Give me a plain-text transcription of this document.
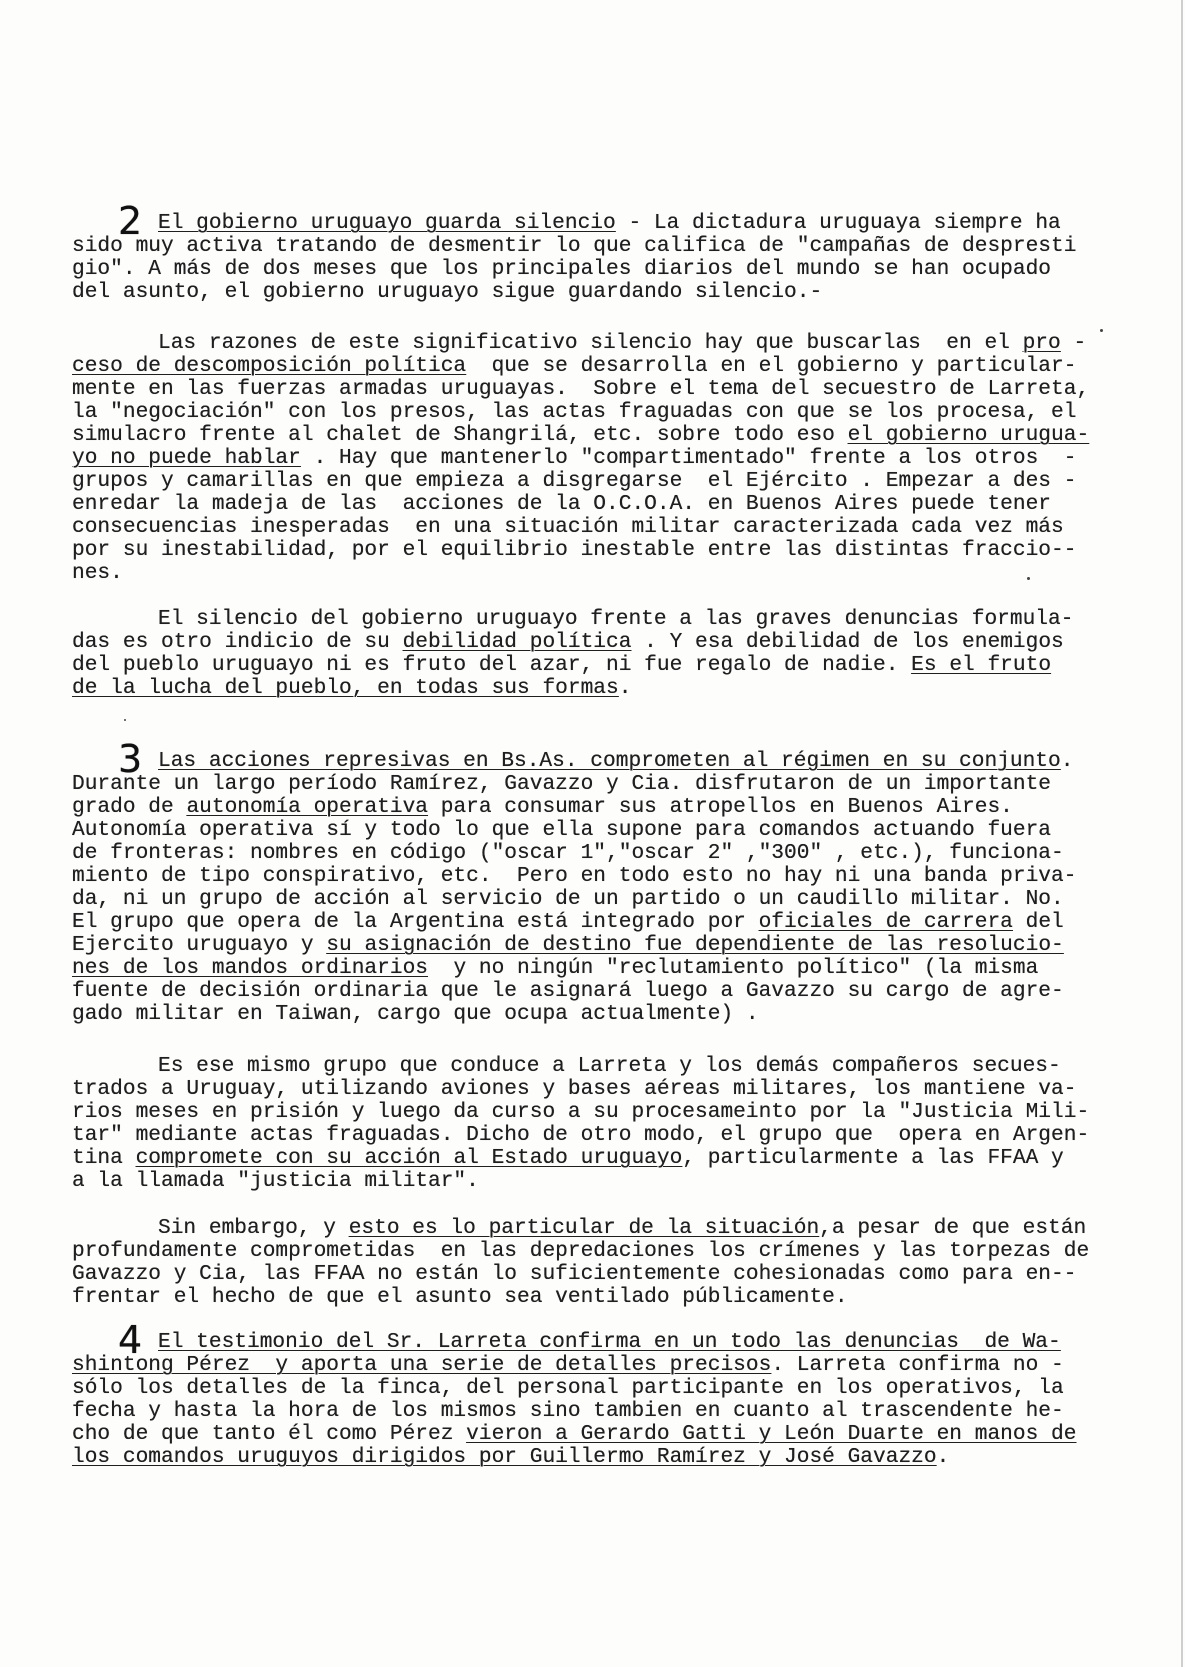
2 El gobierno uruguayo guarda silencio - La dictadura uruguaya siempre ha
sido muy activa tratando de desmentir lo que califica de "campañas de despresti
gio". A más de dos meses que los principales diarios del mundo se han ocupado
del asunto, el gobierno uruguayo sigue guardando silencio.-
Las razones de este significativo silencio hay que buscarlas  en el pro -
ceso de descomposición política  que se desarrolla en el gobierno y particular-
mente en las fuerzas armadas uruguayas.  Sobre el tema del secuestro de Larreta,
la "negociación" con los presos, las actas fraguadas con que se los procesa, el
simulacro frente al chalet de Shangrilá, etc. sobre todo eso el gobierno urugua-
yo no puede hablar . Hay que mantenerlo "compartimentado" frente a los otros  -
grupos y camarillas en que empieza a disgregarse  el Ejército . Empezar a des -
enredar la madeja de las  acciones de la O.C.O.A. en Buenos Aires puede tener
consecuencias inesperadas  en una situación militar caracterizada cada vez más
por su inestabilidad, por el equilibrio inestable entre las distintas fraccio--
nes.
El silencio del gobierno uruguayo frente a las graves denuncias formula-
das es otro indicio de su debilidad política . Y esa debilidad de los enemigos
del pueblo uruguayo ni es fruto del azar, ni fue regalo de nadie. Es el fruto
de la lucha del pueblo, en todas sus formas.
3 Las acciones represivas en Bs.As. comprometen al régimen en su conjunto.
Durante un largo período Ramírez, Gavazzo y Cia. disfrutaron de un importante
grado de autonomía operativa para consumar sus atropellos en Buenos Aires.
Autonomía operativa sí y todo lo que ella supone para comandos actuando fuera
de fronteras: nombres en código ("oscar 1","oscar 2" ,"300" , etc.), funciona-
miento de tipo conspirativo, etc.  Pero en todo esto no hay ni una banda priva-
da, ni un grupo de acción al servicio de un partido o un caudillo militar. No.
El grupo que opera de la Argentina está integrado por oficiales de carrera del
Ejercito uruguayo y su asignación de destino fue dependiente de las resolucio-
nes de los mandos ordinarios  y no ningún "reclutamiento político" (la misma
fuente de decisión ordinaria que le asignará luego a Gavazzo su cargo de agre-
gado militar en Taiwan, cargo que ocupa actualmente) .
Es ese mismo grupo que conduce a Larreta y los demás compañeros secues-
trados a Uruguay, utilizando aviones y bases aéreas militares, los mantiene va-
rios meses en prisión y luego da curso a su procesameinto por la "Justicia Mili-
tar" mediante actas fraguadas. Dicho de otro modo, el grupo que  opera en Argen-
tina compromete con su acción al Estado uruguayo, particularmente a las FFAA y
a la llamada "justicia militar".
Sin embargo, y esto es lo particular de la situación,a pesar de que están
profundamente comprometidas  en las depredaciones los crímenes y las torpezas de
Gavazzo y Cia, las FFAA no están lo suficientemente cohesionadas como para en--
frentar el hecho de que el asunto sea ventilado públicamente.
4 El testimonio del Sr. Larreta confirma en un todo las denuncias  de Wa-
shintong Pérez  y aporta una serie de detalles precisos. Larreta confirma no -
sólo los detalles de la finca, del personal participante en los operativos, la
fecha y hasta la hora de los mismos sino tambien en cuanto al trascendente he-
cho de que tanto él como Pérez vieron a Gerardo Gatti y León Duarte en manos de
los comandos uruguyos dirigidos por Guillermo Ramírez y José Gavazzo.
